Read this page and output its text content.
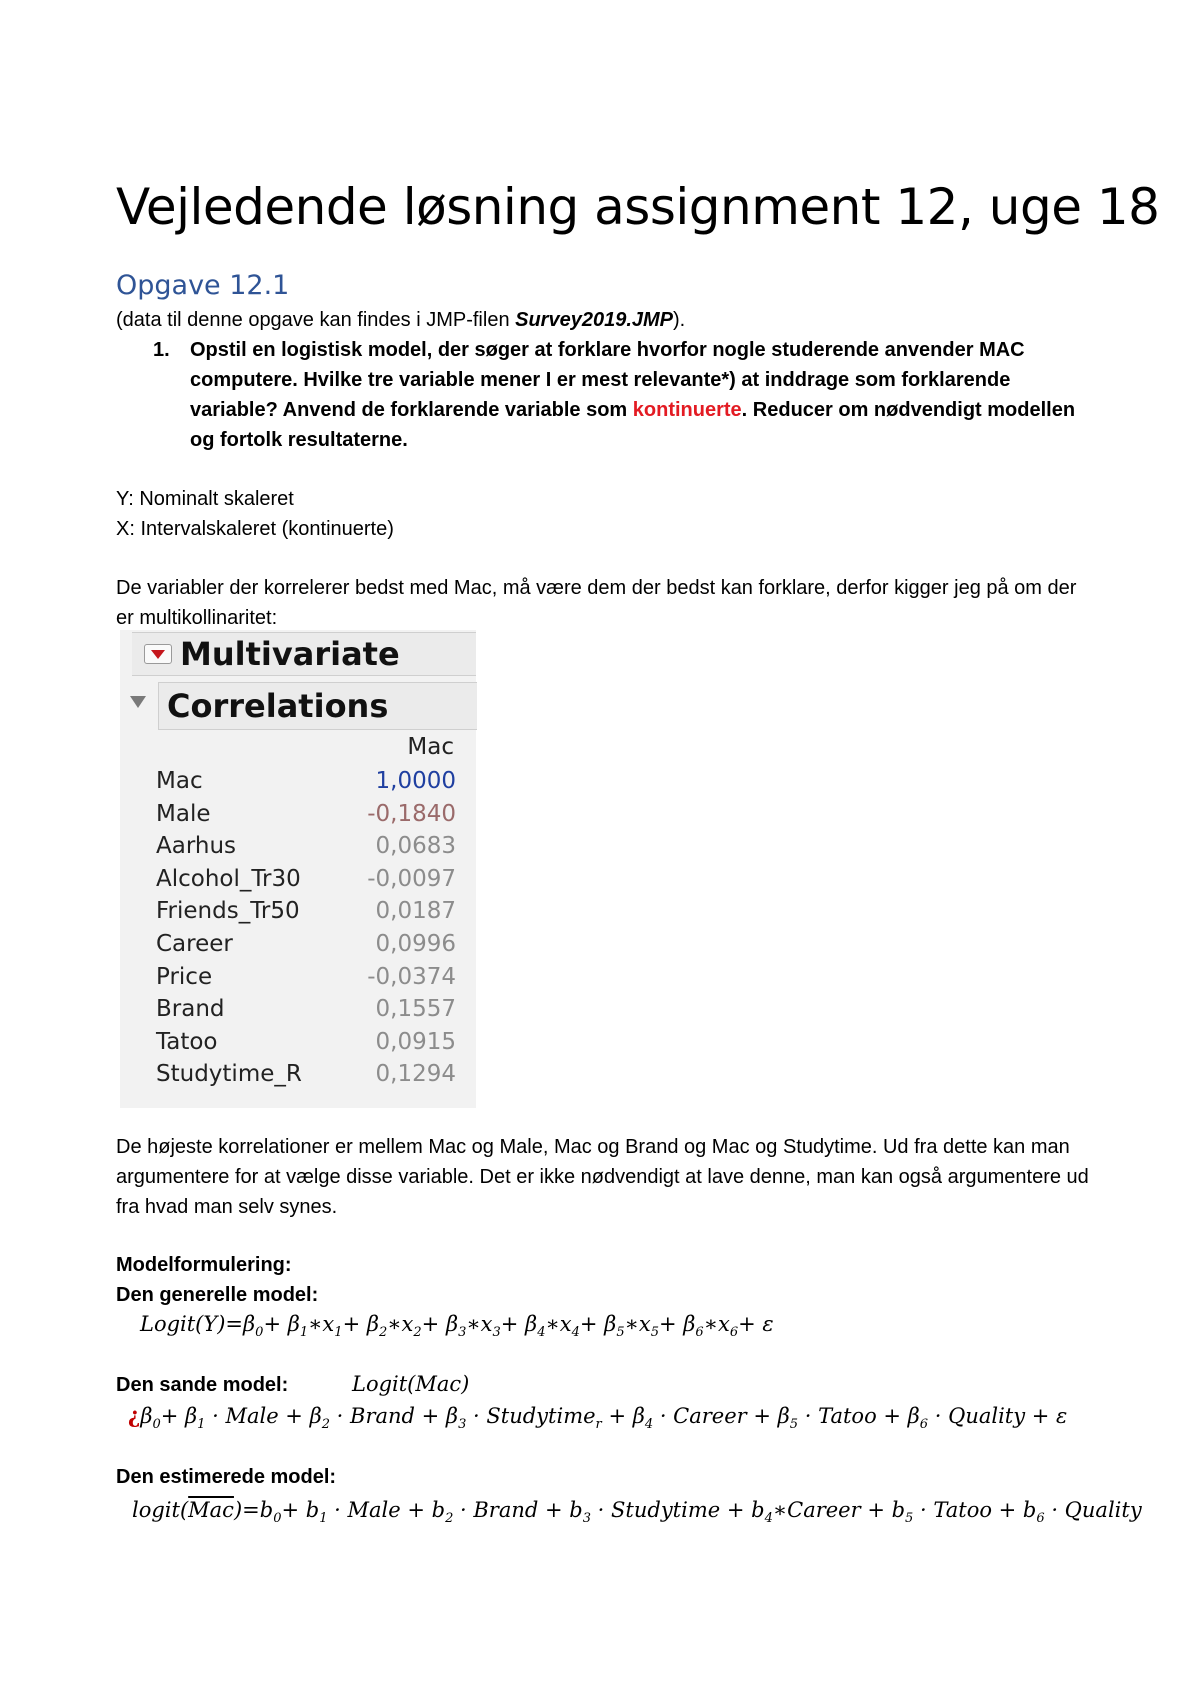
Vejledende løsning assignment 12, uge 18
Opgave 12.1
(data til denne opgave kan findes i JMP-filen Survey2019.JMP).
1.	Opstil en logistisk model, der søger at forklare hvorfor nogle studerende anvender MAC computere. Hvilke tre variable mener I er mest relevante*) at inddrage som forklarende variable? Anvend de forklarende variable som kontinuerte. Reducer om nødvendigt modellen og fortolk resultaterne.
Y: Nominalt skaleret
X: Intervalskaleret (kontinuerte)
De variabler der korrelerer bedst med Mac, må være dem der bedst kan forklare, derfor kigger jeg på om der er multikollinaritet:
Multivariate
Correlations
Mac
Mac	1,0000
Male	-0,1840
Aarhus	0,0683
Alcohol_Tr30	-0,0097
Friends_Tr50	0,0187
Career	0,0996
Price	-0,0374
Brand	0,1557
Tatoo	0,0915
Studytime_R	0,1294
De højeste korrelationer er mellem Mac og Male, Mac og Brand og Mac og Studytime. Ud fra dette kan man argumentere for at vælge disse variable. Det er ikke nødvendigt at lave denne, man kan også argumentere ud fra hvad man selv synes.
Modelformulering:
Den generelle model:
$Logit(Y)=\beta_0+$ $\beta_1∗x_1+$ $\beta_2∗x_2+$ $\beta_3∗x_3+$ $\beta_4∗x_4+$ $\beta_5∗x_5+$ $\beta_6∗x_6+ \varepsilon$
Den sande model:	Logit(Mac)
¿$\beta_0+ \beta_1$ · Male + $\beta_2$ · Brand + $\beta_3$ · Studytime$_r$ + $\beta_4$ · Career + $\beta_5$ · Tatoo + $\beta_6$ · Quality + ε
Den estimerede model:
$logit(\overline{Mac})=b_0+ b_1$ · Male + $b_2$ · Brand + $b_3$ · Studytime + $b_4∗Career + b_5$ · Tatoo + $b_6$ · Quality
